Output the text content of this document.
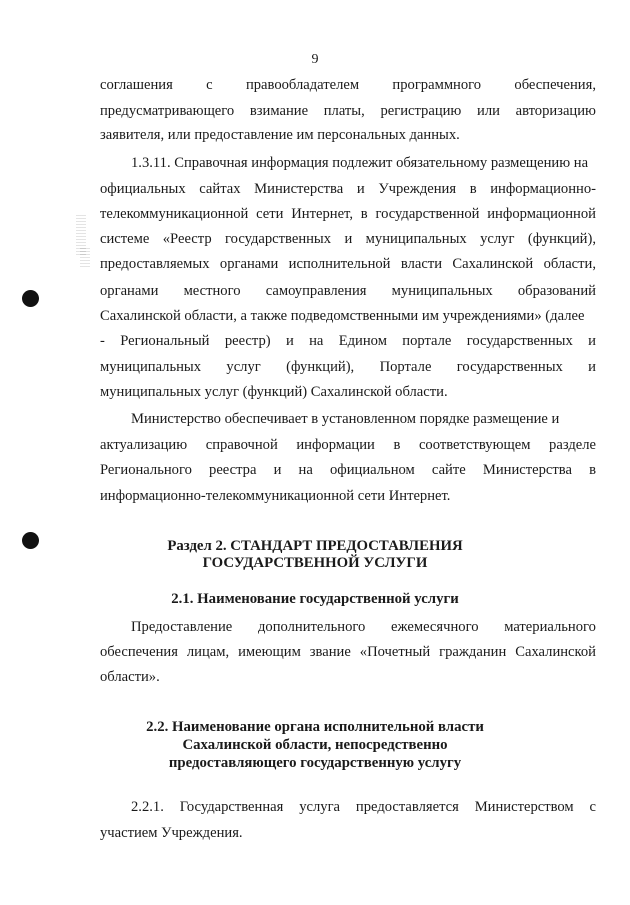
9
соглашения с правообладателем программного обеспечения,
предусматривающего взимание платы, регистрацию или авторизацию
заявителя, или предоставление им персональных данных.
1.3.11. Справочная информация подлежит обязательному размещению на
официальных сайтах Министерства и Учреждения в информационно-
телекоммуникационной сети Интернет, в государственной информационной
системе «Реестр государственных и муниципальных услуг (функций),
предоставляемых органами исполнительной власти Сахалинской области,
органами местного самоуправления муниципальных образований
Сахалинской области, а также подведомственными им учреждениями» (далее
- Региональный реестр) и на Едином портале государственных и
муниципальных услуг (функций), Портале государственных и
муниципальных услуг (функций) Сахалинской области.
Министерство обеспечивает в установленном порядке размещение и
актуализацию справочной информации в соответствующем разделе
Регионального реестра и на официальном сайте Министерства в
информационно-телекоммуникационной сети Интернет.
Раздел 2. СТАНДАРТ ПРЕДОСТАВЛЕНИЯ
ГОСУДАРСТВЕННОЙ УСЛУГИ
2.1. Наименование государственной услуги
Предоставление дополнительного ежемесячного материального
обеспечения лицам, имеющим звание «Почетный гражданин Сахалинской
области».
2.2. Наименование органа исполнительной власти
Сахалинской области, непосредственно
предоставляющего государственную услугу
2.2.1. Государственная услуга предоставляется Министерством с
участием Учреждения.
